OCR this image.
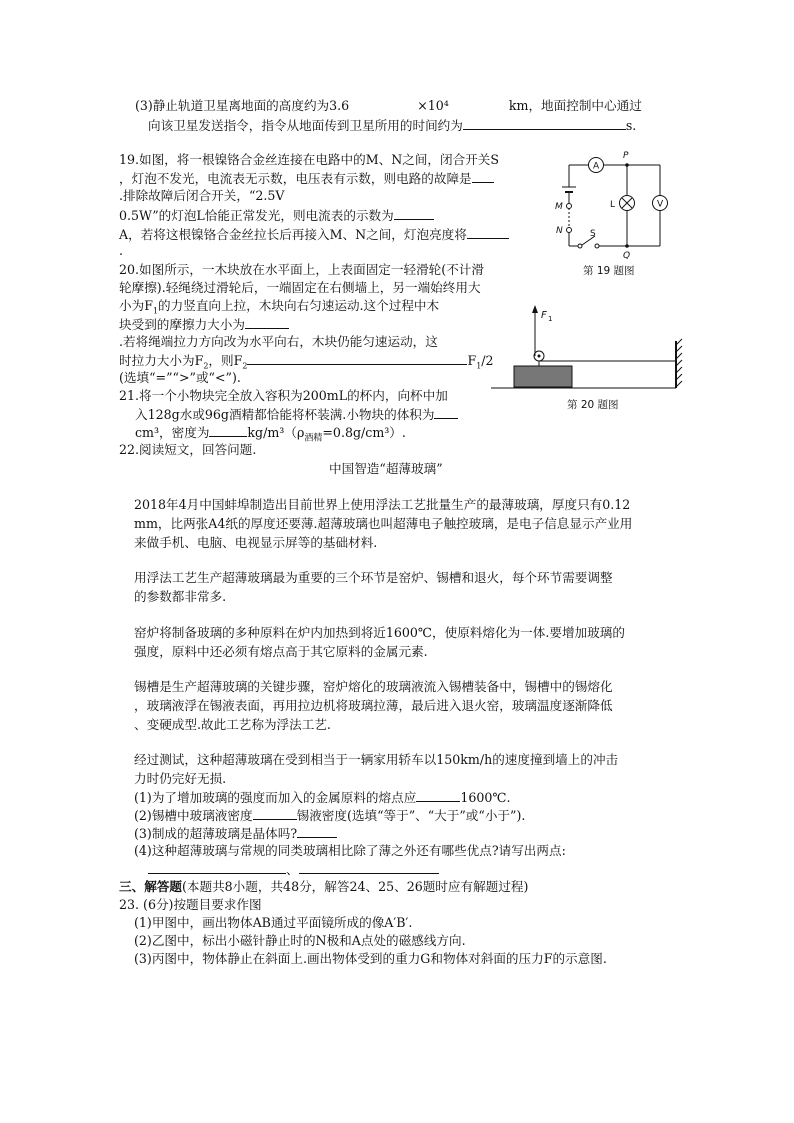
(3)静止轨道卫星离地面的高度约为3.6	×10⁴	km，地面控制中心通过
向该卫星发送指令，指令从地面传到卫星所用的时间约为	s.
19.如图，将一根镍铬合金丝连接在电路中的M、N之间，闭合开关S
，灯泡不发光，电流表无示数，电压表有示数，则电路的故障是
.排除故障后闭合开关，“2.5V
0.5W”的灯泡L恰能正常发光，则电流表的示数为
A，若将这根镍铬合金丝拉长后再接入M、N之间，灯泡亮度将
.
A
P
V
L
M
N	S
Q
第 19 题图
20.如图所示，一木块放在水平面上，上表面固定一轻滑轮(不计滑
轮摩擦).轻绳绕过滑轮后，一端固定在右侧墙上，另一端始终用大
小为$F_1$的力竖直向上拉，木块向右匀速运动.这个过程中木
块受到的摩擦力大小为
.若将绳端拉力方向改为水平向右，木块仍能匀速运动，这
时拉力大小为$F_2$，则$F_2$	$F_1/2$
(选填“=”“>”或“<”).
F 1
第 20 题图
21.将一个小物块完全放入容积为200mL的杯内，向杯中加
入128g水或96g酒精都恰能将杯装满.小物块的体积为
cm³，密度为	$kg/m^3(\rho_{酒精}=0.8g/cm^3)$.
22.阅读短文，回答问题.
中国智造“超薄玻璃”
2018年4月中国蚌埠制造出目前世界上使用浮法工艺批量生产的最薄玻璃，厚度只有0.12
mm，比两张A4纸的厚度还要薄.超薄玻璃也叫超薄电子触控玻璃，是电子信息显示产业用
来做手机、电脑、电视显示屏等的基础材料.
用浮法工艺生产超薄玻璃最为重要的三个环节是窑炉、锡槽和退火，每个环节需要调整
的参数都非常多.
窑炉将制备玻璃的多种原料在炉内加热到将近1600℃，使原料熔化为一体.要增加玻璃的
强度，原料中还必须有熔点高于其它原料的金属元素.
锡槽是生产超薄玻璃的关键步骤，窑炉熔化的玻璃液流入锡槽装备中，锡槽中的锡熔化
，玻璃液浮在锡液表面，再用拉边机将玻璃拉薄，最后进入退火窑，玻璃温度逐渐降低
、变硬成型.故此工艺称为浮法工艺.
经过测试，这种超薄玻璃在受到相当于一辆家用轿车以150km/h的速度撞到墙上的冲击
力时仍完好无损.
(1)为了增加玻璃的强度而加入的金属原料的熔点应	1600℃.
(2)锡槽中玻璃液密度	锡液密度(选填“等于”、“大于”或“小于”).
(3)制成的超薄玻璃是晶体吗?
(4)这种超薄玻璃与常规的同类玻璃相比除了薄之外还有哪些优点?请写出两点:
、
三、解答题(本题共8小题，共48分，解答24、25、26题时应有解题过程)
23. (6分)按题目要求作图
(1)甲图中，画出物体AB通过平面镜所成的像A′B′.
(2)乙图中，标出小磁针静止时的N极和A点处的磁感线方向.
(3)丙图中，物体静止在斜面上.画出物体受到的重力G和物体对斜面的压力F的示意图.
